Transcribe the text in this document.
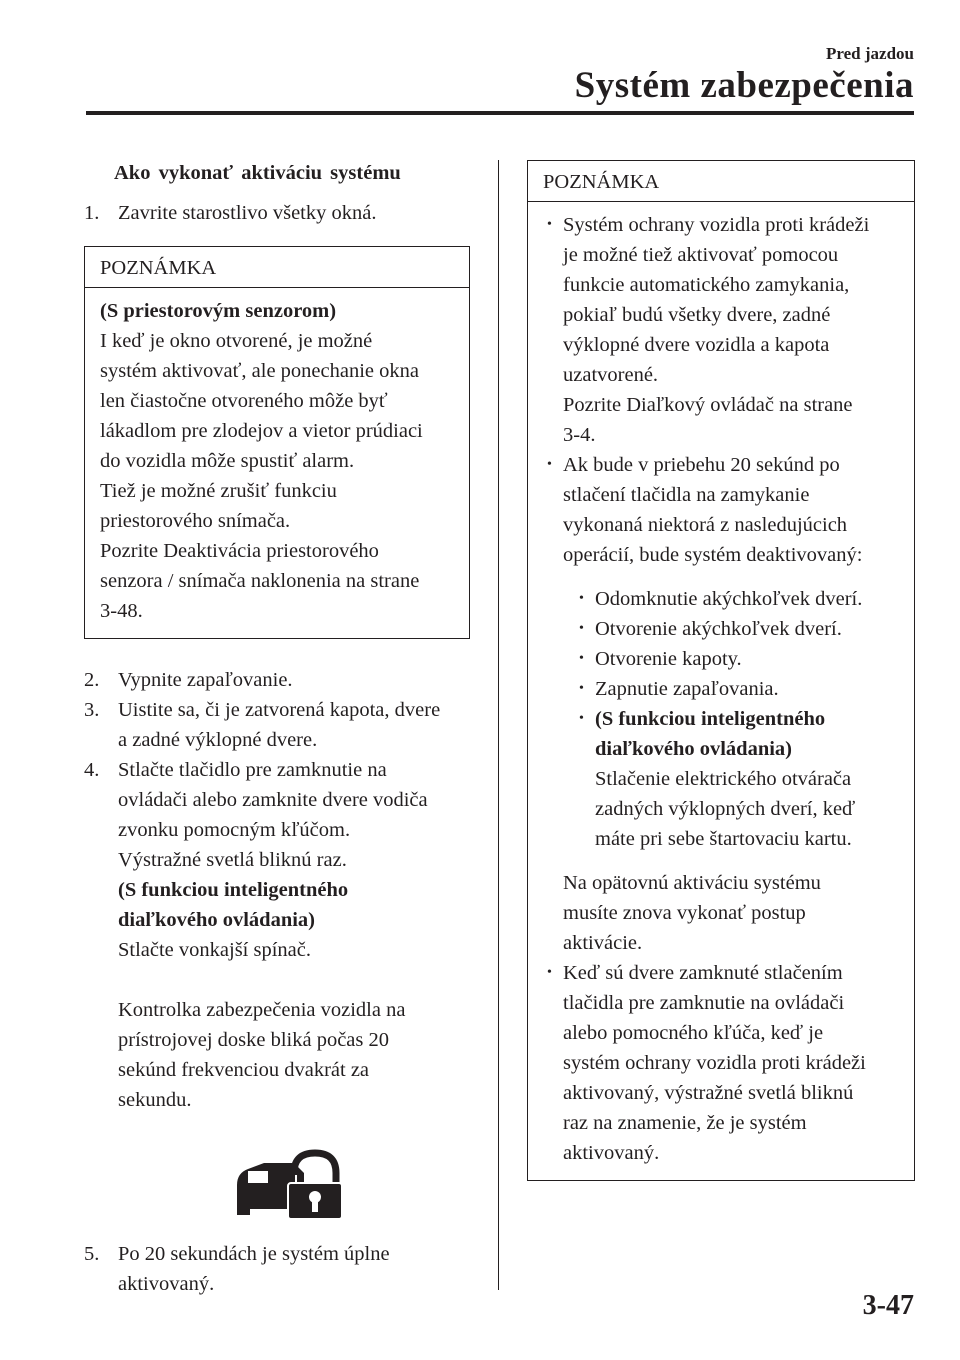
Pred jazdou
Systém zabezpečenia
Ako vykonať aktiváciu systému
1. Zavrite starostlivo všetky okná.
POZNÁMKA
(S priestorovým senzorom)
I keď je okno otvorené, je možné
systém aktivovať, ale ponechanie okna
len čiastočne otvoreného môže byť
lákadlom pre zlodejov a vietor prúdiaci
do vozidla môže spustiť alarm.
Tiež je možné zrušiť funkciu
priestorového snímača.
Pozrite Deaktivácia priestorového
senzora / snímača naklonenia na strane
3-48.
2. Vypnite zapaľovanie.
3. Uistite sa, či je zatvorená kapota, dvere
a zadné výklopné dvere.
4. Stlačte tlačidlo pre zamknutie na
ovládači alebo zamknite dvere vodiča
zvonku pomocným kľúčom.
Výstražné svetlá bliknú raz.
(S funkciou inteligentného
diaľkového ovládania)
Stlačte vonkajší spínač.
Kontrolka zabezpečenia vozidla na
prístrojovej doske bliká počas 20
sekúnd frekvenciou dvakrát za
sekundu.
5. Po 20 sekundách je systém úplne
aktivovaný.
POZNÁMKA
• Systém ochrany vozidla proti krádeži
je možné tiež aktivovať pomocou
funkcie automatického zamykania,
pokiaľ budú všetky dvere, zadné
výklopné dvere vozidla a kapota
uzatvorené.
Pozrite Diaľkový ovládač na strane
3-4.
• Ak bude v priebehu 20 sekúnd po
stlačení tlačidla na zamykanie
vykonaná niektorá z nasledujúcich
operácií, bude systém deaktivovaný:
• Odomknutie akýchkoľvek dverí.
• Otvorenie akýchkoľvek dverí.
• Otvorenie kapoty.
• Zapnutie zapaľovania.
• (S funkciou inteligentného
diaľkového ovládania)
Stlačenie elektrického otvárača
zadných výklopných dverí, keď
máte pri sebe štartovaciu kartu.
Na opätovnú aktiváciu systému
musíte znova vykonať postup
aktivácie.
• Keď sú dvere zamknuté stlačením
tlačidla pre zamknutie na ovládači
alebo pomocného kľúča, keď je
systém ochrany vozidla proti krádeži
aktivovaný, výstražné svetlá bliknú
raz na znamenie, že je systém
aktivovaný.
3-47
